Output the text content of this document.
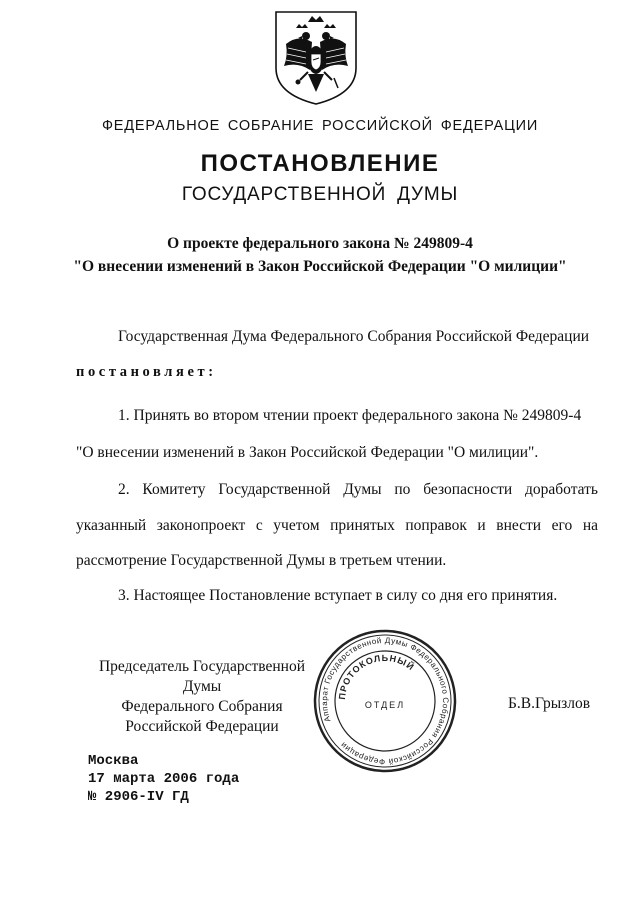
ФЕДЕРАЛЬНОЕ СОБРАНИЕ РОССИЙСКОЙ ФЕДЕРАЦИИ
ПОСТАНОВЛЕНИЕ
ГОСУДАРСТВЕННОЙ ДУМЫ
О проекте федерального закона № 249809-4
"О внесении изменений в Закон Российской Федерации "О милиции"
Государственная Дума Федерального Собрания Российской Федерации
постановляет:
1. Принять во втором чтении проект федерального закона № 249809-4
"О внесении изменений в Закон Российской Федерации "О милиции".
2. Комитету Государственной Думы по безопасности доработать
указанный законопроект с учетом принятых поправок и внести его на
рассмотрение Государственной Думы в третьем чтении.
3. Настоящее Постановление вступает в силу со дня его принятия.
Председатель Государственной Думы
Федерального Собрания
Российской Федерации	Аппарат Государственной Думы Федерального Собрания Российской Федерации
ПРОТОКОЛЬНЫЙ
ОТДЕЛ	Б.В.Грызлов
Москва
17 марта 2006 года
№ 2906-IV ГД
